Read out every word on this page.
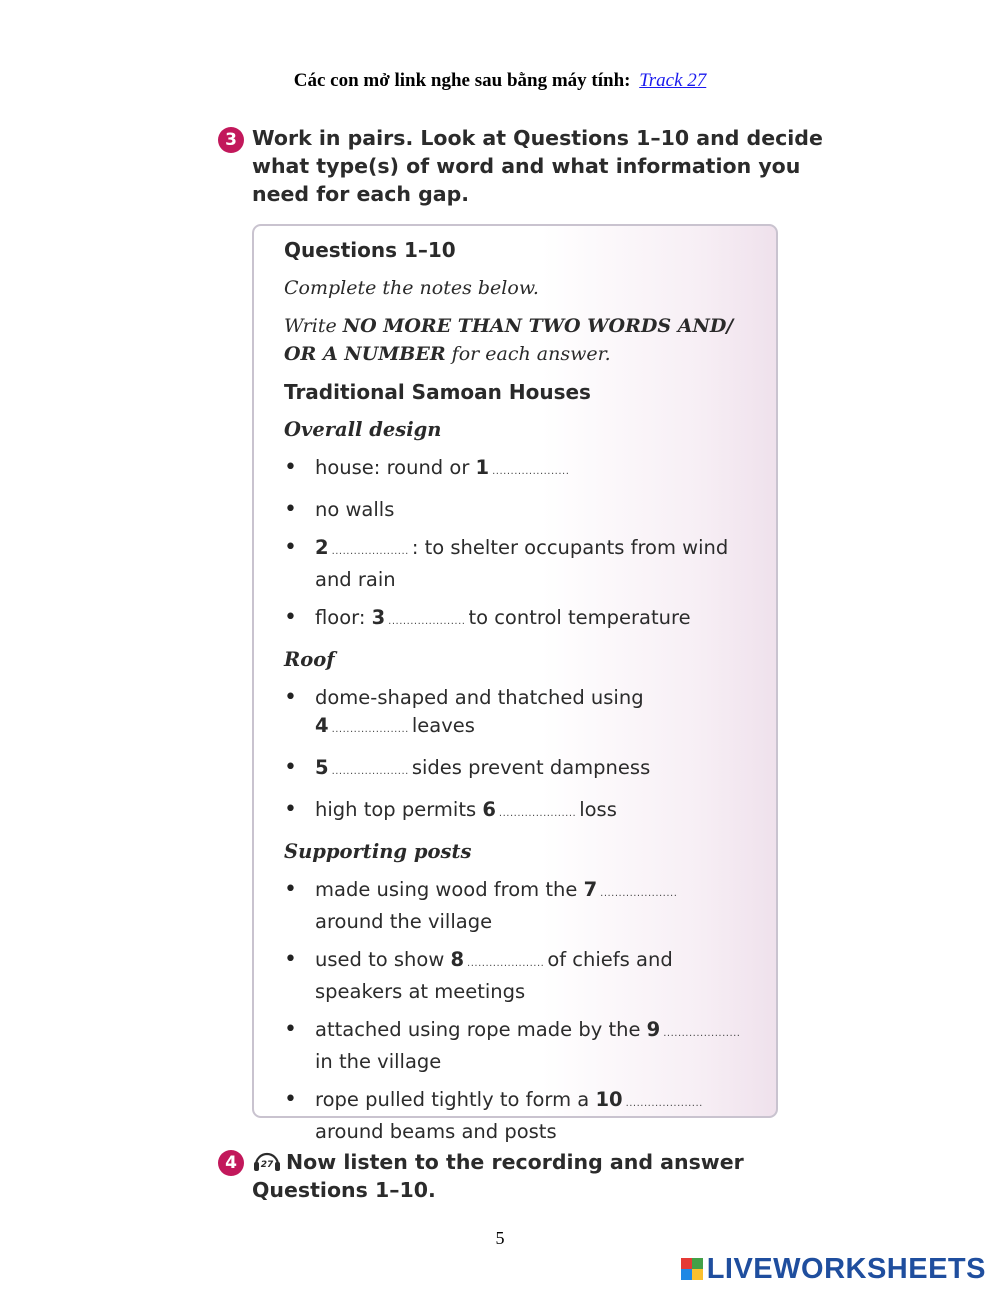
Các con mở link nghe sau bằng máy tính: Track 27
3 Work in pairs. Look at Questions 1–10 and decide
what type(s) of word and what information you
need for each gap.
Questions 1–10
Complete the notes below.
Write NO MORE THAN TWO WORDS AND/
OR A NUMBER for each answer.
Traditional Samoan Houses
Overall design
• house: round or 1 .....................
• no walls
• 2 ..................... : to shelter occupants from wind
and rain
• floor: 3 ..................... to control temperature
Roof
• dome-shaped and thatched using
4 ..................... leaves
• 5 ..................... sides prevent dampness
• high top permits 6 ..................... loss
Supporting posts
• made using wood from the 7 .....................
around the village
• used to show 8 ..................... of chiefs and
speakers at meetings
• attached using rope made by the 9 .....................
in the village
• rope pulled tightly to form a 10 .....................
around beams and posts
4	27 Now listen to the recording and answer
Questions 1–10.
5
LIVEWORKSHEETS
